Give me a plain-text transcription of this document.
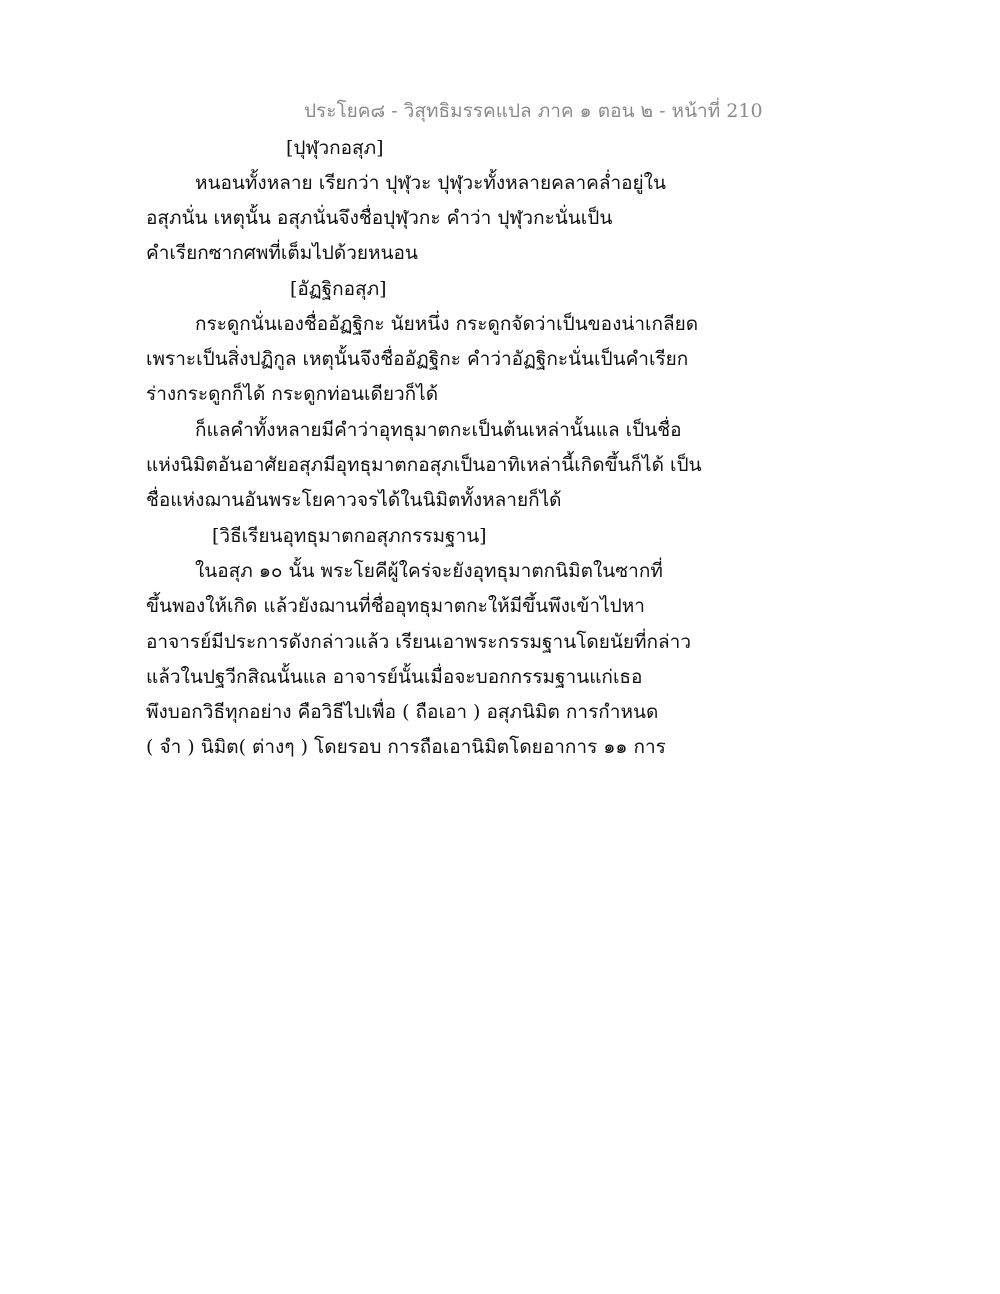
ประโยค๘ - วิสุทธิมรรคแปล ภาค ๑ ตอน ๒ - หน้าที่ 210
[ปุฬุวกอสุภ]
หนอนทั้งหลาย เรียกว่า ปุฬุวะ ปุฬุวะทั้งหลายคลาคล่ำอยู่ใน
อสุภนั่น เหตุนั้น อสุภนั่นจึงชื่อปุฬุวกะ คำว่า ปุฬุวกะนั่นเป็น
คำเรียกซากศพที่เต็มไปด้วยหนอน
[อัฏฐิกอสุภ]
กระดูกนั่นเองชื่ออัฏฐิกะ นัยหนึ่ง กระดูกจัดว่าเป็นของน่าเกลียด
เพราะเป็นสิ่งปฏิกูล เหตุนั้นจึงชื่ออัฏฐิกะ คำว่าอัฏฐิกะนั่นเป็นคำเรียก
ร่างกระดูกก็ได้ กระดูกท่อนเดียวก็ได้
ก็แลคำทั้งหลายมีคำว่าอุทธุมาตกะเป็นต้นเหล่านั้นแล เป็นชื่อ
แห่งนิมิตอันอาศัยอสุภมีอุทธุมาตกอสุภเป็นอาทิเหล่านี้เกิดขึ้นก็ได้ เป็น
ชื่อแห่งฌานอันพระโยคาวจรได้ในนิมิตทั้งหลายก็ได้
[วิธีเรียนอุทธุมาตกอสุภกรรมฐาน]
ในอสุภ ๑๐ นั้น พระโยคีผู้ใคร่จะยังอุทธุมาตกนิมิตในซากที่
ขึ้นพองให้เกิด แล้วยังฌานที่ชื่ออุทธุมาตกะให้มีขึ้นพึงเข้าไปหา
อาจารย์มีประการดังกล่าวแล้ว เรียนเอาพระกรรมฐานโดยนัยที่กล่าว
แล้วในปฐวีกสิณนั้นแล อาจารย์นั้นเมื่อจะบอกกรรมฐานแก่เธอ
พึงบอกวิธีทุกอย่าง คือวิธีไปเพื่อ ( ถือเอา ) อสุภนิมิต การกำหนด
( จำ ) นิมิต( ต่างๆ ) โดยรอบ การถือเอานิมิตโดยอาการ ๑๑ การ
